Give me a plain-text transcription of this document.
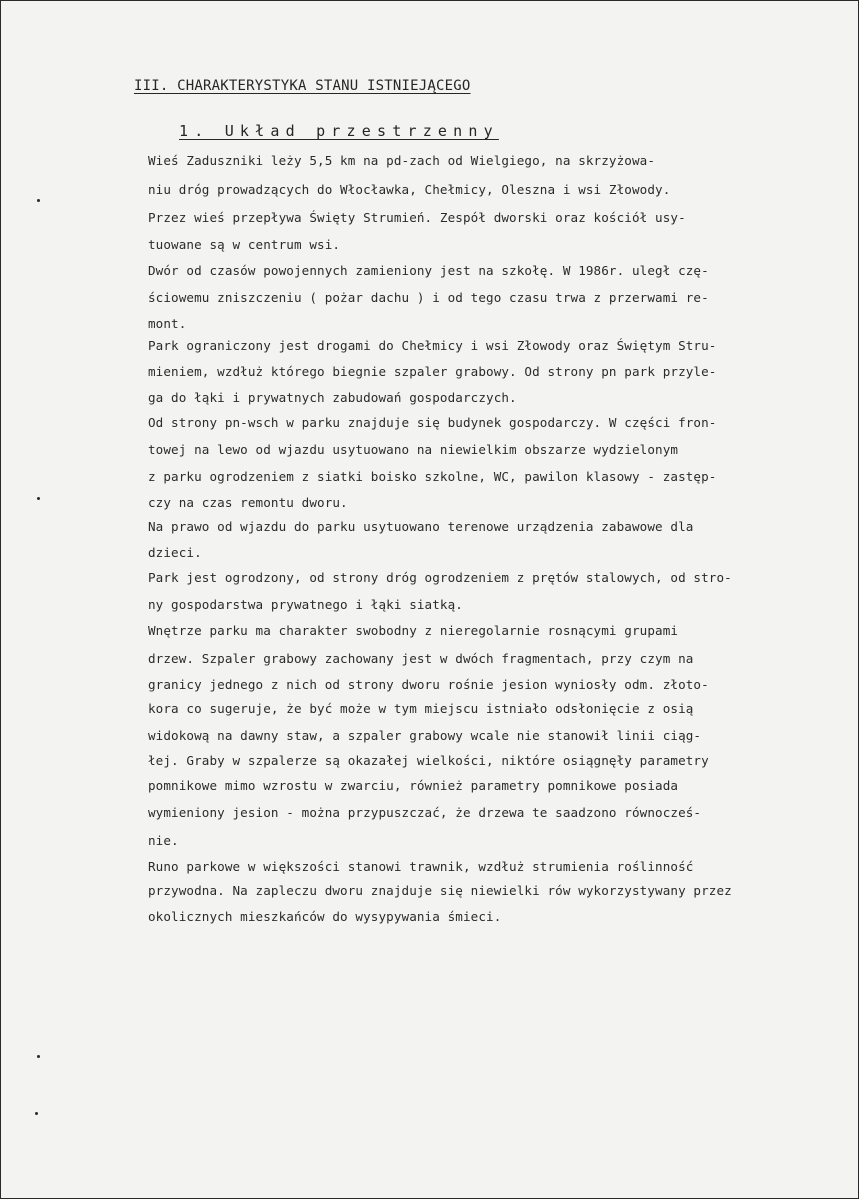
III. CHARAKTERYSTYKA STANU ISTNIEJĄCEGO
1. Układ przestrzenny
Wieś Zaduszniki leży 5,5 km na pd-zach od Wielgiego, na skrzyżowa-
niu dróg prowadzących do Włocławka, Chełmicy, Oleszna i wsi Złowody.
Przez wieś przepływa Święty Strumień. Zespół dworski oraz kościół usy-
tuowane są w centrum wsi.
Dwór od czasów powojennych zamieniony jest na szkołę. W 1986r. uległ czę-
ściowemu zniszczeniu ( pożar dachu ) i od tego czasu trwa z przerwami re-
mont.
Park ograniczony jest drogami do Chełmicy i wsi Złowody oraz Świętym Stru-
mieniem, wzdłuż którego biegnie szpaler grabowy. Od strony pn park przyle-
ga do łąki i prywatnych zabudowań gospodarczych.
Od strony pn-wsch w parku znajduje się budynek gospodarczy. W części fron-
towej na lewo od wjazdu usytuowano na niewielkim obszarze wydzielonym
z parku ogrodzeniem z siatki boisko szkolne, WC, pawilon klasowy - zastęp-
czy na czas remontu dworu.
Na prawo od wjazdu do parku usytuowano terenowe urządzenia zabawowe dla
dzieci.
Park jest ogrodzony, od strony dróg ogrodzeniem z prętów stalowych, od stro-
ny gospodarstwa prywatnego i łąki siatką.
Wnętrze parku ma charakter swobodny z nieregolarnie rosnącymi grupami
drzew. Szpaler grabowy zachowany jest w dwóch fragmentach, przy czym na
granicy jednego z nich od strony dworu rośnie jesion wyniosły odm. złoto-
kora co sugeruje, że być może w tym miejscu istniało odsłonięcie z osią
widokową na dawny staw, a szpaler grabowy wcale nie stanowił linii ciąg-
łej. Graby w szpalerze są okazałej wielkości, niktóre osiągnęły parametry
pomnikowe mimo wzrostu w zwarciu, również parametry pomnikowe posiada
wymieniony jesion - można przypuszczać, że drzewa te saadzono równocześ-
nie.
Runo parkowe w większości stanowi trawnik, wzdłuż strumienia roślinność
przywodna. Na zapleczu dworu znajduje się niewielki rów wykorzystywany przez
okolicznych mieszkańców do wysypywania śmieci.
